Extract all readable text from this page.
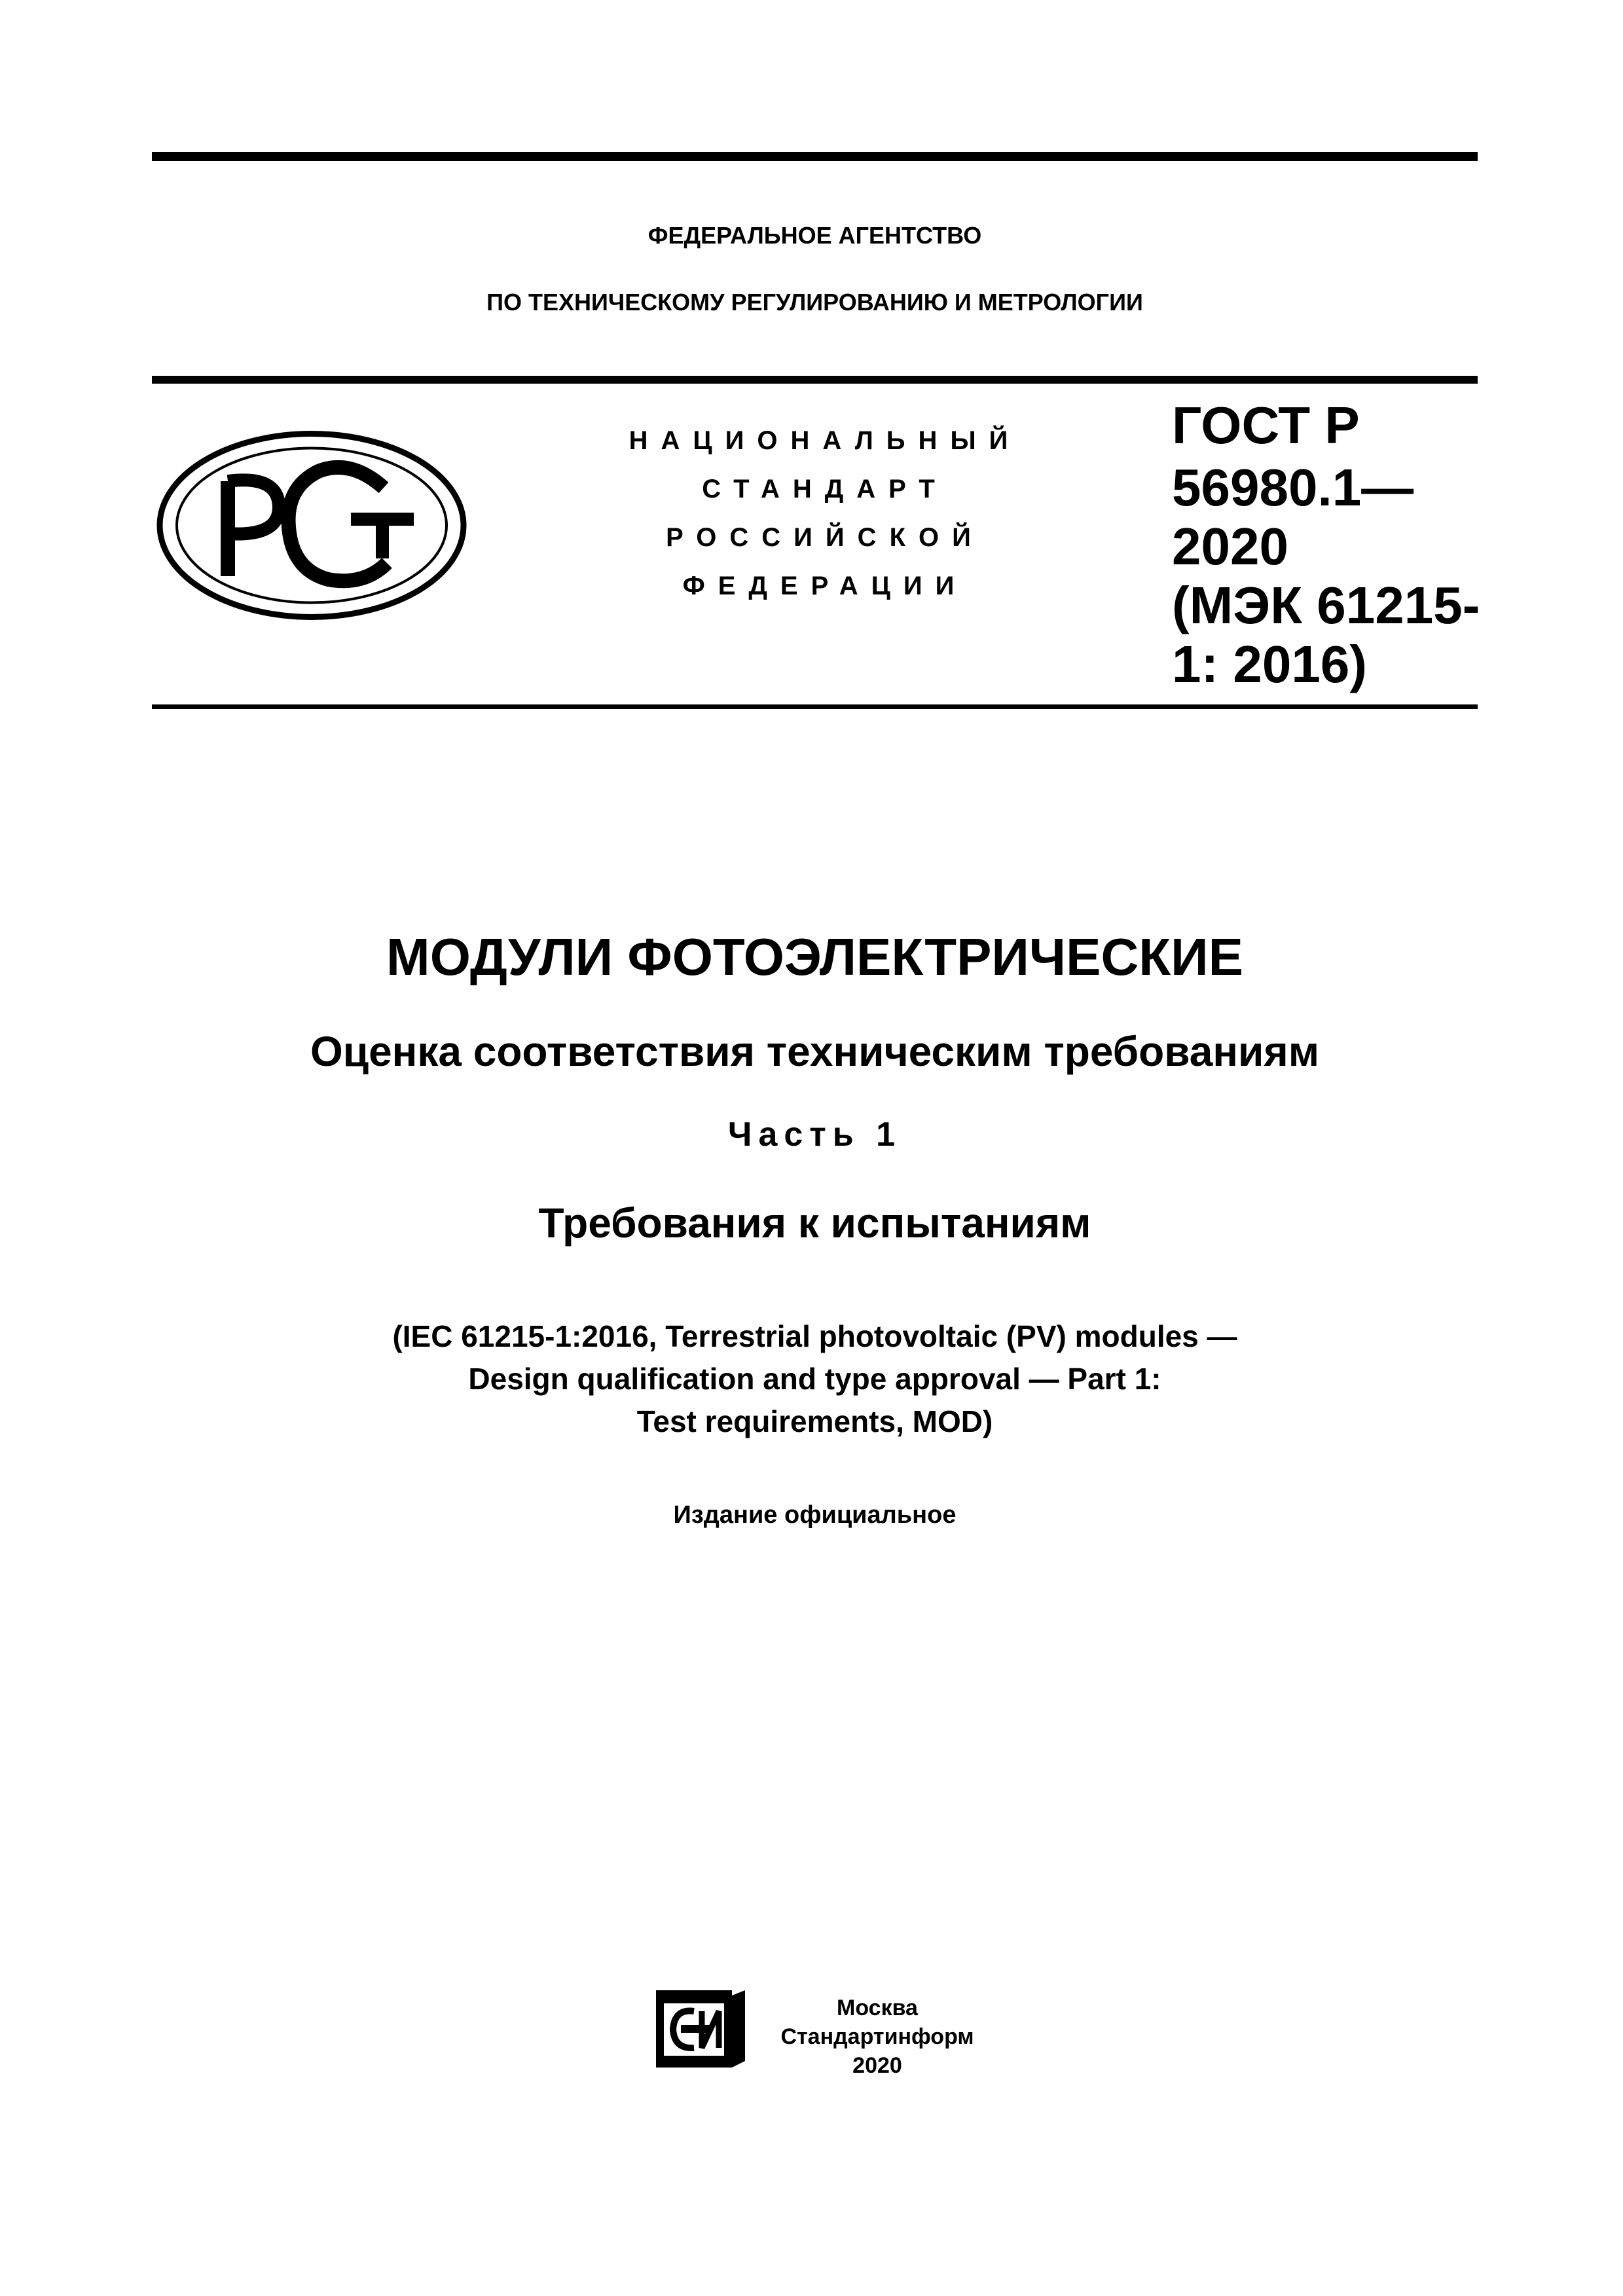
ФЕДЕРАЛЬНОЕ АГЕНТСТВО
ПО ТЕХНИЧЕСКОМУ РЕГУЛИРОВАНИЮ И МЕТРОЛОГИИ
НАЦИОНАЛЬНЫЙ
СТАНДАРТ
РОССИЙСКОЙ
ФЕДЕРАЦИИ
ГОСТ Р
56980.1—
2020
(МЭК 61215-
1: 2016)
МОДУЛИ ФОТОЭЛЕКТРИЧЕСКИЕ
Оценка соответствия техническим требованиям
Часть 1
Требования к испытаниям
(IEC 61215-1:2016, Terrestrial photovoltaic (PV) modules —
Design qualification and type approval — Part 1:
Test requirements, MOD)
Издание официальное
Москва
Стандартинформ
2020
